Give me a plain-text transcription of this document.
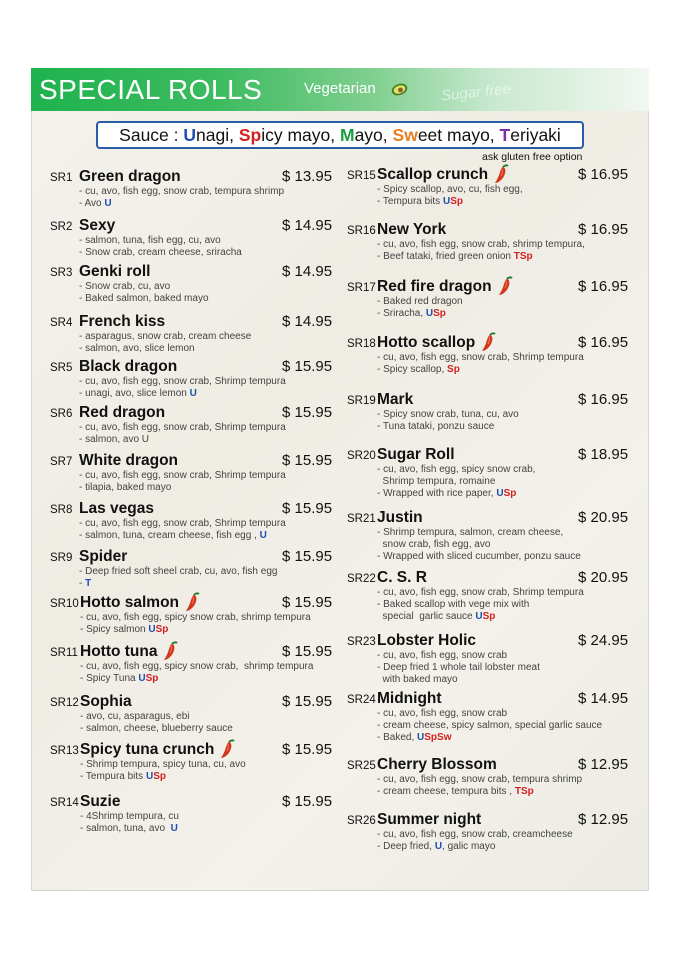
SPECIAL ROLLS	Vegetarian	Sugar free
Sauce : Unagi, Spicy mayo, Mayo, Sweet mayo, Teriyaki
ask gluten free option
SR1 Green dragon	$ 13.95
- cu, avo, fish egg, snow crab, tempura shrimp
- Avo U
SR2 Sexy	$ 14.95
- salmon, tuna, fish egg, cu, avo
- Snow crab, cream cheese, sriracha
SR3 Genki roll	$ 14.95
- Snow crab, cu, avo
- Baked salmon, baked mayo
SR4 French kiss	$ 14.95
- asparagus, snow crab, cream cheese
- salmon, avo, slice lemon
SR5 Black dragon	$ 15.95
- cu, avo, fish egg, snow crab, Shrimp tempura
- unagi, avo, slice lemon U
SR6 Red dragon	$ 15.95
- cu, avo, fish egg, snow crab, Shrimp tempura
- salmon, avo U
SR7 White dragon	$ 15.95
- cu, avo, fish egg, snow crab, Shrimp tempura
- tilapia, baked mayo
SR8 Las vegas	$ 15.95
- cu, avo, fish egg, snow crab, Shrimp tempura
- salmon, tuna, cream cheese, fish egg , U
SR9 Spider	$ 15.95
- Deep fried soft sheel crab, cu, avo, fish egg
- T
SR10 Hotto salmon	$ 15.95
- cu, avo, fish egg, spicy snow crab, shrimp tempura
- Spicy salmon USp
SR11 Hotto tuna	$ 15.95
- cu, avo, fish egg, spicy snow crab,  shrimp tempura
- Spicy Tuna USp
SR12 Sophia	$ 15.95
- avo, cu, asparagus, ebi
- salmon, cheese, blueberry sauce
SR13 Spicy tuna crunch	$ 15.95
- Shrimp tempura, spicy tuna, cu, avo
- Tempura bits USp
SR14 Suzie	$ 15.95
- 4Shrimp tempura, cu
- salmon, tuna, avo  U
SR15 Scallop crunch	$ 16.95
- Spicy scallop, avo, cu, fish egg,
- Tempura bits USp
SR16 New York	$ 16.95
- cu, avo, fish egg, snow crab, shrimp tempura,
- Beef tataki, fried green onion TSp
SR17 Red fire dragon	$ 16.95
- Baked red dragon
- Sriracha, USp
SR18 Hotto scallop	$ 16.95
- cu, avo, fish egg, snow crab, Shrimp tempura
- Spicy scallop, Sp
SR19 Mark	$ 16.95
- Spicy snow crab, tuna, cu, avo
- Tuna tataki, ponzu sauce
SR20 Sugar Roll	$ 18.95
- cu, avo, fish egg, spicy snow crab,
Shrimp tempura, romaine
- Wrapped with rice paper, USp
SR21 Justin	$ 20.95
- Shrimp tempura, salmon, cream cheese,
snow crab, fish egg, avo
- Wrapped with sliced cucumber, ponzu sauce
SR22 C. S. R	$ 20.95
- cu, avo, fish egg, snow crab, Shrimp tempura
- Baked scallop with vege mix with
special  garlic sauce USp
SR23 Lobster Holic	$ 24.95
- cu, avo, fish egg, snow crab
- Deep fried 1 whole tail lobster meat
with baked mayo
SR24 Midnight	$ 14.95
- cu, avo, fish egg, snow crab
- cream cheese, spicy salmon, special garlic sauce
- Baked, USpSw
SR25 Cherry Blossom	$ 12.95
- cu, avo, fish egg, snow crab, tempura shrimp
- cream cheese, tempura bits , TSp
SR26 Summer night	$ 12.95
- cu, avo, fish egg, snow crab, creamcheese
- Deep fried, U, galic mayo
